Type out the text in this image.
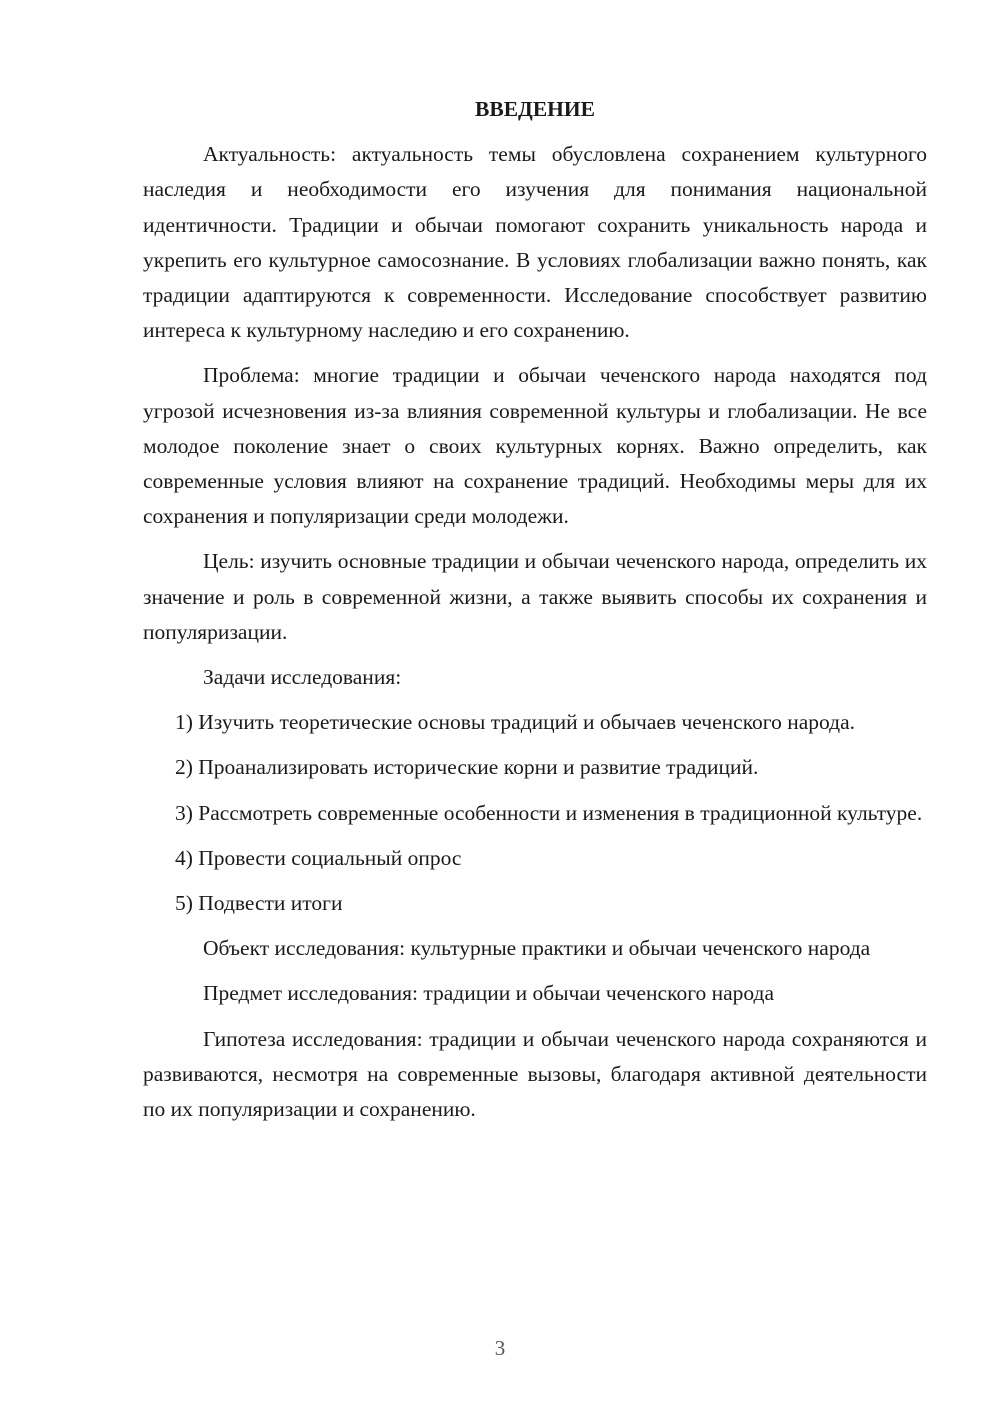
ВВЕДЕНИЕ

Актуальность: актуальность темы обусловлена сохранением культурного наследия и необходимости его изучения для понимания национальной идентичности. Традиции и обычаи помогают сохранить уникальность народа и укрепить его культурное самосознание. В условиях глобализации важно понять, как традиции адаптируются к современности. Исследование способствует развитию интереса к культурному наследию и его сохранению.

Проблема: многие традиции и обычаи чеченского народа находятся под угрозой исчезновения из-за влияния современной культуры и глобализации. Не все молодое поколение знает о своих культурных корнях. Важно определить, как современные условия влияют на сохранение традиций. Необходимы меры для их сохранения и популяризации среди молодежи.

Цель: изучить основные традиции и обычаи чеченского народа, определить их значение и роль в современной жизни, а также выявить способы их сохранения и популяризации.

Задачи исследования:

1) Изучить теоретические основы традиций и обычаев чеченского народа.

2) Проанализировать исторические корни и развитие традиций.

3) Рассмотреть современные особенности и изменения в традиционной культуре.

4) Провести социальный опрос

5) Подвести итоги

Объект исследования: культурные практики и обычаи чеченского народа

Предмет исследования: традиции и обычаи чеченского народа

Гипотеза исследования: традиции и обычаи чеченского народа сохраняются и развиваются, несмотря на современные вызовы, благодаря активной деятельности по их популяризации и сохранению.

3
